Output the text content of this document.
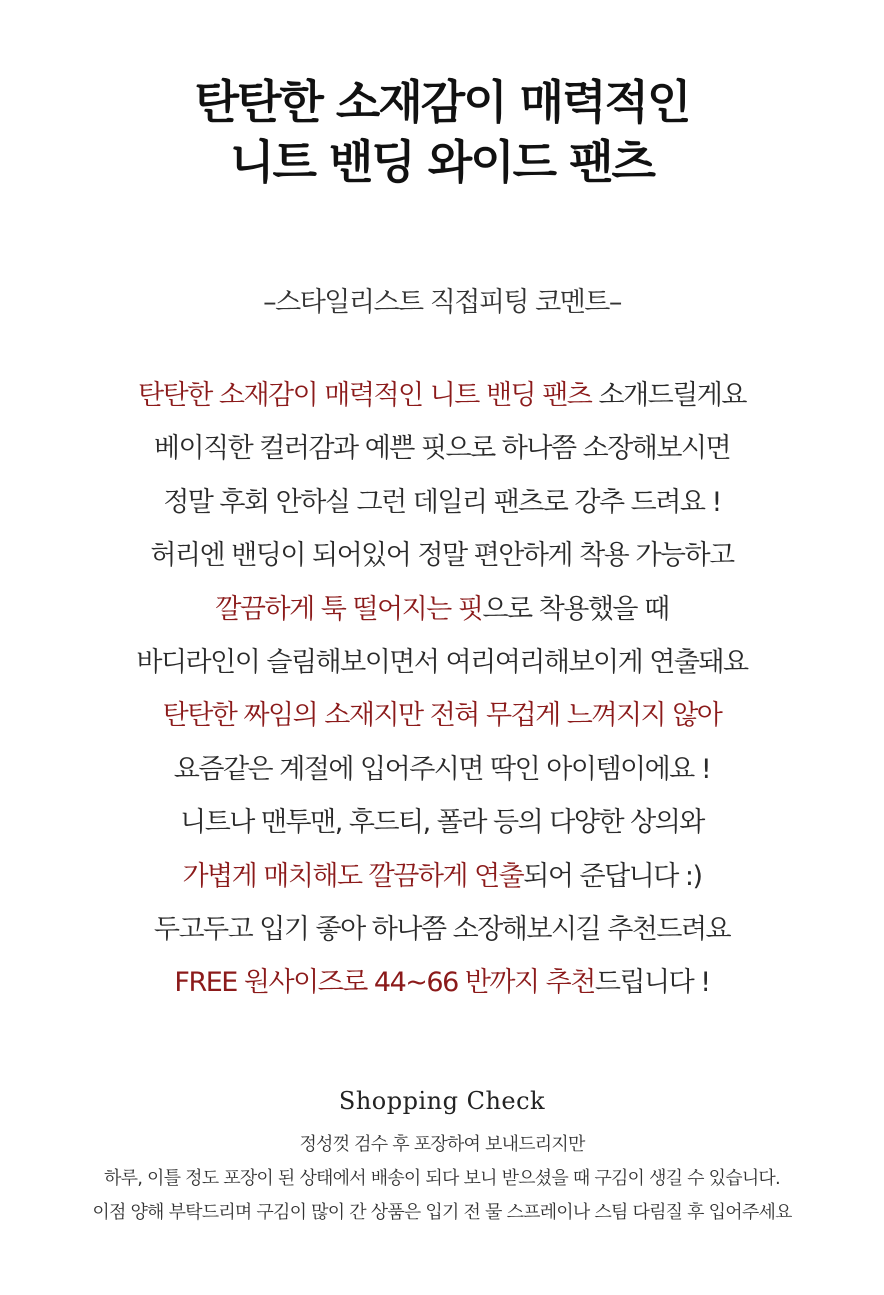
탄탄한 소재감이 매력적인
니트 밴딩 와이드 팬츠
–스타일리스트 직접피팅 코멘트–
탄탄한 소재감이 매력적인 니트 밴딩 팬츠 소개드릴게요
베이직한 컬러감과 예쁜 핏으로 하나쯤 소장해보시면
정말 후회 안하실 그런 데일리 팬츠로 강추 드려요 !
허리엔 밴딩이 되어있어 정말 편안하게 착용 가능하고
깔끔하게 툭 떨어지는 핏으로 착용했을 때
바디라인이 슬림해보이면서 여리여리해보이게 연출돼요
탄탄한 짜임의 소재지만 전혀 무겁게 느껴지지 않아
요즘같은 계절에 입어주시면 딱인 아이템이에요 !
니트나 맨투맨, 후드티, 폴라 등의 다양한 상의와
가볍게 매치해도 깔끔하게 연출되어 준답니다 :)
두고두고 입기 좋아 하나쯤 소장해보시길 추천드려요
FREE 원사이즈로 44~66 반까지 추천드립니다 !
Shopping Check
정성껏 검수 후 포장하여 보내드리지만
하루, 이틀 정도 포장이 된 상태에서 배송이 되다 보니 받으셨을 때 구김이 생길 수 있습니다.
이점 양해 부탁드리며 구김이 많이 간 상품은 입기 전 물 스프레이나 스팀 다림질 후 입어주세요
